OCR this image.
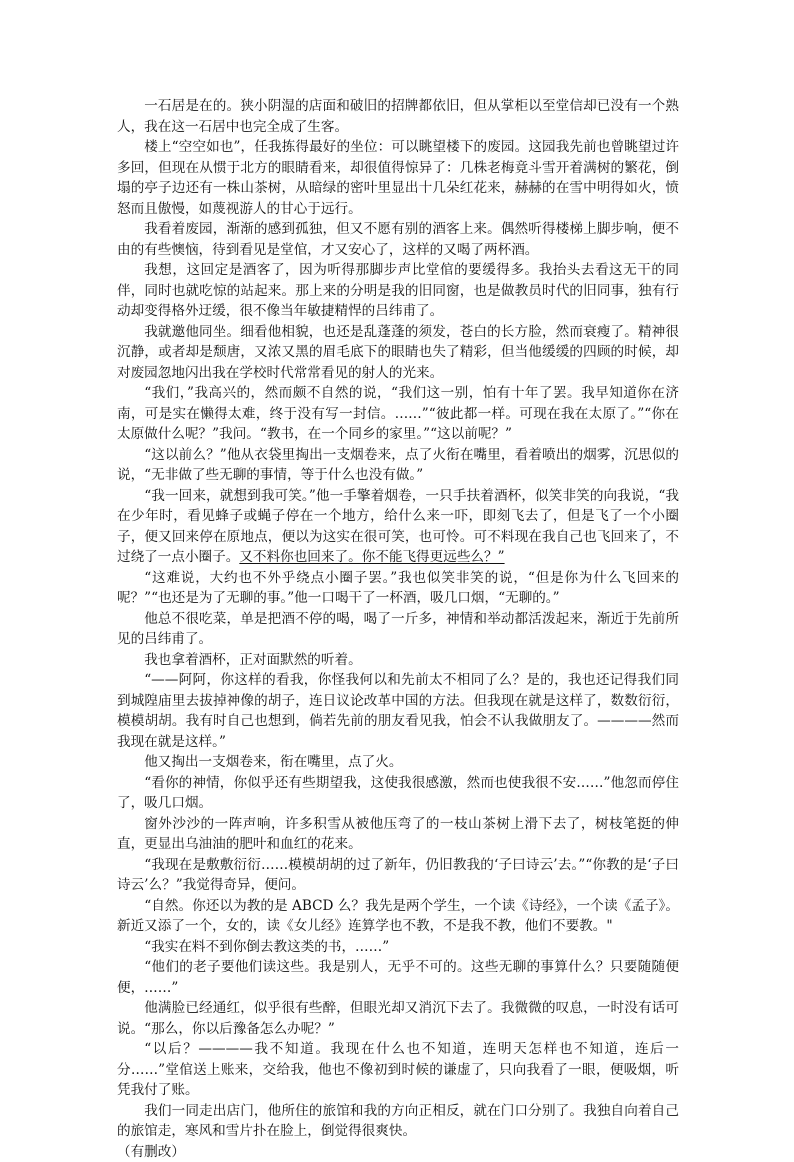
一石居是在的。狭小阴湿的店面和破旧的招牌都依旧，但从掌柜以至堂信却已没有一个熟人，我在这一石居中也完全成了生客。

楼上“空空如也”，任我拣得最好的坐位：可以眺望楼下的废园。这园我先前也曾眺望过许多回，但现在从惯于北方的眼睛看来，却很值得惊异了：几株老梅竟斗雪开着满树的繁花，倒塌的亭子边还有一株山茶树，从暗绿的密叶里显出十几朵红花来，赫赫的在雪中明得如火，愤怒而且傲慢，如蔑视游人的甘心于远行。

我看着废园，渐渐的感到孤独，但又不愿有别的酒客上来。偶然听得楼梯上脚步响，便不由的有些懊恼，待到看见是堂倌，才又安心了，这样的又喝了两杯酒。

我想，这回定是酒客了，因为听得那脚步声比堂倌的要缓得多。我抬头去看这无干的同伴，同时也就吃惊的站起来。那上来的分明是我的旧同窗，也是做教员时代的旧同事，独有行动却变得格外迂缓，很不像当年敏捷精悍的吕纬甫了。

我就邀他同坐。细看他相貌，也还是乱蓬蓬的须发，苍白的长方脸，然而衰瘦了。精神很沉静，或者却是颓唐，又浓又黑的眉毛底下的眼睛也失了精彩，但当他缓缓的四顾的时候，却对废园忽地闪出我在学校时代常常看见的射人的光来。

“我们，”我高兴的，然而颇不自然的说，“我们这一别，怕有十年了罢。我早知道你在济南，可是实在懒得太难，终于没有写一封信。……”“彼此都一样。可现在我在太原了。”“你在太原做什么呢？”我问。“教书，在一个同乡的家里。”“这以前呢？”

“这以前么？”他从衣袋里掏出一支烟卷来，点了火衔在嘴里，看着喷出的烟雾，沉思似的说，“无非做了些无聊的事情，等于什么也没有做。”

“我一回来，就想到我可笑。”他一手擎着烟卷，一只手扶着酒杯，似笑非笑的向我说，“我在少年时，看见蜂子或蝇子停在一个地方，给什么来一吓，即刻飞去了，但是飞了一个小圈子，便又回来停在原地点，便以为这实在很可笑，也可怜。可不料现在我自己也飞回来了，不过绕了一点小圈子。又不料你也回来了。你不能飞得更远些么？”

“这难说，大约也不外乎绕点小圈子罢。”我也似笑非笑的说，“但是你为什么飞回来的呢？”“也还是为了无聊的事。”他一口喝干了一杯酒，吸几口烟，“无聊的。”

他总不很吃菜，单是把酒不停的喝，喝了一斤多，神情和举动都活泼起来，渐近于先前所见的吕纬甫了。

我也拿着酒杯，正对面默然的听着。

“——阿阿，你这样的看我，你怪我何以和先前太不相同了么？是的，我也还记得我们同到城隍庙里去拔掉神像的胡子，连日议论改革中国的方法。但我现在就是这样了，数数衍衍，模模胡胡。我有时自己也想到，倘若先前的朋友看见我，怕会不认我做朋友了。————然而我现在就是这样。”

他又掏出一支烟卷来，衔在嘴里，点了火。

“看你的神情，你似乎还有些期望我，这使我很感激，然而也使我很不安……”他忽而停住了，吸几口烟。

窗外沙沙的一阵声响，许多积雪从被他压弯了的一枝山茶树上滑下去了，树枝笔挺的伸直，更显出乌油油的肥叶和血红的花来。

“我现在是敷敷衍衍……模模胡胡的过了新年，仍旧教我的‘子曰诗云’去。”“你教的是‘子曰诗云’么？”我觉得奇异，便问。

“自然。你还以为教的是 ABCD 么？我先是两个学生，一个读《诗经》，一个读《孟子》。新近又添了一个，女的，读《女儿经》连算学也不教，不是我不教，他们不要教。"

“我实在料不到你倒去教这类的书，……”

“他们的老子要他们读这些。我是别人，无乎不可的。这些无聊的事算什么？只要随随便便，……”

他满脸已经通红，似乎很有些醉，但眼光却又消沉下去了。我微微的叹息，一时没有话可说。“那么，你以后豫备怎么办呢？”

“以后？————我不知道。我现在什么也不知道，连明天怎样也不知道，连后一分……”堂倌送上账来，交给我，他也不像初到时候的谦虚了，只向我看了一眼，便吸烟，听凭我付了账。

我们一同走出店门，他所住的旅馆和我的方向正相反，就在门口分别了。我独自向着自己的旅馆走，寒风和雪片扑在脸上，倒觉得很爽快。

（有删改）
